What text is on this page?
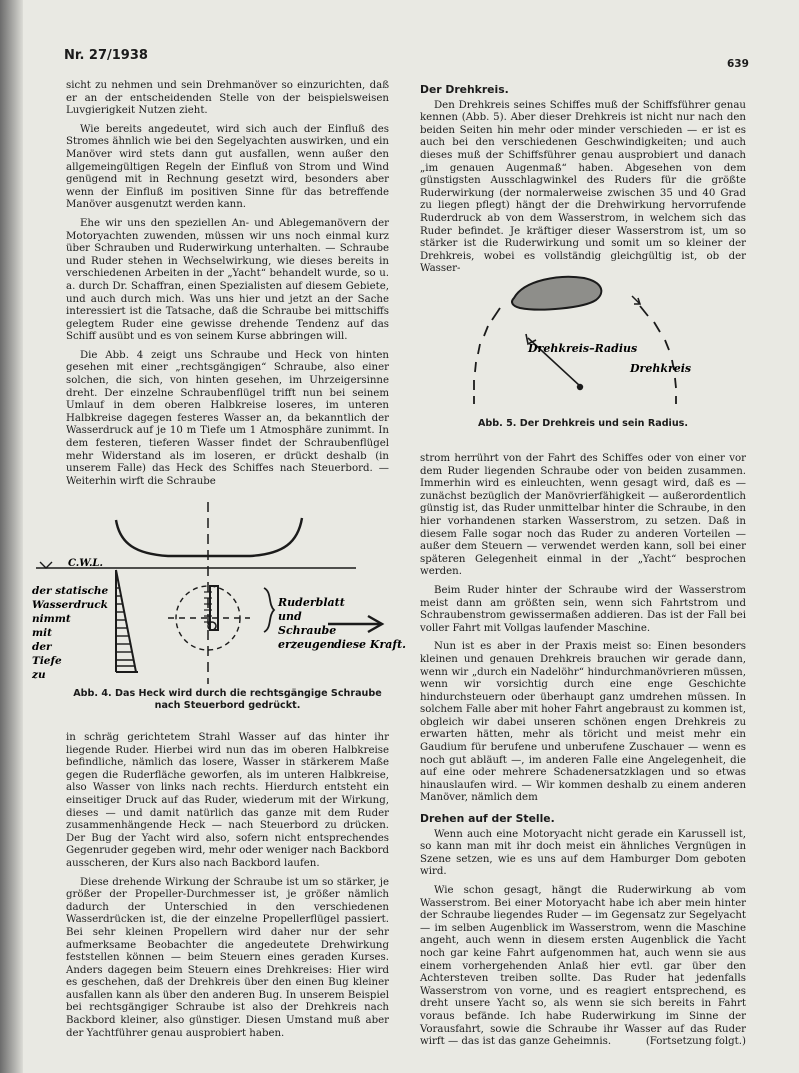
Nr. 27/1938
639

sicht zu nehmen und sein Drehmanöver so einzurichten, daß er an der entscheidenden Stelle von der beispielsweisen Luvgierigkeit Nutzen zieht.

Wie bereits angedeutet, wird sich auch der Einfluß des Stromes ähnlich wie bei den Segelyachten auswirken, und ein Manöver wird stets dann gut ausfallen, wenn außer den allgemeingültigen Regeln der Einfluß von Strom und Wind genügend mit in Rechnung gesetzt wird, besonders aber wenn der Einfluß im positiven Sinne für das betreffende Manöver ausgenutzt werden kann.

Ehe wir uns den speziellen An- und Ablegemanövern der Motoryachten zuwenden, müssen wir uns noch einmal kurz über Schrauben und Ruderwirkung unterhalten. — Schraube und Ruder stehen in Wechselwirkung, wie dieses bereits in verschiedenen Arbeiten in der „Yacht“ behandelt wurde, so u. a. durch Dr. Schaffran, einen Spezialisten auf diesem Gebiete, und auch durch mich. Was uns hier und jetzt an der Sache interessiert ist die Tatsache, daß die Schraube bei mittschiffs gelegtem Ruder eine gewisse drehende Tendenz auf das Schiff ausübt und es von seinem Kurse abbringen will.

Die Abb. 4 zeigt uns Schraube und Heck von hinten gesehen mit einer „rechtsgängigen“ Schraube, also einer solchen, die sich, von hinten gesehen, im Uhrzeigersinne dreht. Der einzelne Schraubenflügel trifft nun bei seinem Umlauf in dem oberen Halbkreise loseres, im unteren Halbkreise dagegen festeres Wasser an, da bekanntlich der Wasserdruck auf je 10 m Tiefe um 1 Atmosphäre zunimmt. In dem festeren, tieferen Wasser findet der Schraubenflügel mehr Widerstand als im loseren, er drückt deshalb (in unserem Falle) das Heck des Schiffes nach Steuerbord. — Weiterhin wirft die Schraube

C.W.L.
der statische
Wasserdruck
nimmt
mit
der
Tiefe
zu
Ruderblatt
und
Schraube
erzeugen diese Kraft.
Abb. 4. Das Heck wird durch die rechtsgängige Schraube nach Steuerbord gedrückt.

in schräg gerichtetem Strahl Wasser auf das hinter ihr liegende Ruder. Hierbei wird nun das im oberen Halbkreise befindliche, nämlich das losere, Wasser in stärkerem Maße gegen die Ruderfläche geworfen, als im unteren Halbkreise, also Wasser von links nach rechts. Hierdurch entsteht ein einseitiger Druck auf das Ruder, wiederum mit der Wirkung, dieses — und damit natürlich das ganze mit dem Ruder zusammenhängende Heck — nach Steuerbord zu drücken. Der Bug der Yacht wird also, sofern nicht entsprechendes Gegenruder gegeben wird, mehr oder weniger nach Backbord ausscheren, der Kurs also nach Backbord laufen.

Diese drehende Wirkung der Schraube ist um so stärker, je größer der Propeller-Durchmesser ist, je größer nämlich dadurch der Unterschied in den verschiedenen Wasserdrücken ist, die der einzelne Propellerflügel passiert. Bei sehr kleinen Propellern wird daher nur der sehr aufmerksame Beobachter die angedeutete Drehwirkung feststellen können — beim Steuern eines geraden Kurses. Anders dagegen beim Steuern eines Drehkreises: Hier wird es geschehen, daß der Drehkreis über den einen Bug kleiner ausfallen kann als über den anderen Bug. In unserem Beispiel bei rechtsgängiger Schraube ist also der Drehkreis nach Backbord kleiner, also günstiger. Diesen Umstand muß aber der Yachtführer genau ausprobiert haben.

Der Drehkreis.

Den Drehkreis seines Schiffes muß der Schiffsführer genau kennen (Abb. 5). Aber dieser Drehkreis ist nicht nur nach den beiden Seiten hin mehr oder minder verschieden — er ist es auch bei den verschiedenen Geschwindigkeiten; und auch dieses muß der Schiffsführer genau ausprobiert und danach „im genauen Augenmaß“ haben. Abgesehen von dem günstigsten Ausschlagwinkel des Ruders für die größte Ruderwirkung (der normalerweise zwischen 35 und 40 Grad zu liegen pflegt) hängt der die Drehwirkung hervorrufende Ruderdruck ab von dem Wasserstrom, in welchem sich das Ruder befindet. Je kräftiger dieser Wasserstrom ist, um so stärker ist die Ruderwirkung und somit um so kleiner der Drehkreis, wobei es vollständig gleichgültig ist, ob der Wasser-

Drehkreis–Radius
Drehkreis
Abb. 5. Der Drehkreis und sein Radius.

strom herrührt von der Fahrt des Schiffes oder von einer vor dem Ruder liegenden Schraube oder von beiden zusammen. Immerhin wird es einleuchten, wenn gesagt wird, daß es — zunächst bezüglich der Manövrierfähigkeit — außerordentlich günstig ist, das Ruder unmittelbar hinter die Schraube, in den hier vorhandenen starken Wasserstrom, zu setzen. Daß in diesem Falle sogar noch das Ruder zu anderen Vorteilen — außer dem Steuern — verwendet werden kann, soll bei einer späteren Gelegenheit einmal in der „Yacht“ besprochen werden.

Beim Ruder hinter der Schraube wird der Wasserstrom meist dann am größten sein, wenn sich Fahrtstrom und Schraubenstrom gewissermaßen addieren. Das ist der Fall bei voller Fahrt mit Vollgas laufender Maschine.

Nun ist es aber in der Praxis meist so: Einen besonders kleinen und genauen Drehkreis brauchen wir gerade dann, wenn wir „durch ein Nadelöhr“ hindurchmanövrieren müssen, wenn wir vorsichtig durch eine enge Geschichte hindurchsteuern oder überhaupt ganz umdrehen müssen. In solchem Falle aber mit hoher Fahrt angebraust zu kommen ist, obgleich wir dabei unseren schönen engen Drehkreis zu erwarten hätten, mehr als töricht und meist mehr ein Gaudium für berufene und unberufene Zuschauer — wenn es noch gut abläuft —, im anderen Falle eine Angelegenheit, die auf eine oder mehrere Schadenersatzklagen und so etwas hinauslaufen wird. — Wir kommen deshalb zu einem anderen Manöver, nämlich dem

Drehen auf der Stelle.

Wenn auch eine Motoryacht nicht gerade ein Karussell ist, so kann man mit ihr doch meist ein ähnliches Vergnügen in Szene setzen, wie es uns auf dem Hamburger Dom geboten wird.

Wie schon gesagt, hängt die Ruderwirkung ab vom Wasserstrom. Bei einer Motoryacht habe ich aber mein hinter der Schraube liegendes Ruder — im Gegensatz zur Segelyacht — im selben Augenblick im Wasserstrom, wenn die Maschine angeht, auch wenn in diesem ersten Augenblick die Yacht noch gar keine Fahrt aufgenommen hat, auch wenn sie aus einem vorhergehenden Anlaß hier evtl. gar über den Achtersteven treiben sollte. Das Ruder hat jedenfalls Wasserstrom von vorne, und es reagiert entsprechend, es dreht unsere Yacht so, als wenn sie sich bereits in Fahrt voraus befände. Ich habe Ruderwirkung im Sinne der Vorausfahrt, sowie die Schraube ihr Wasser auf das Ruder wirft — das ist das ganze Geheimnis.	(Fortsetzung folgt.)
